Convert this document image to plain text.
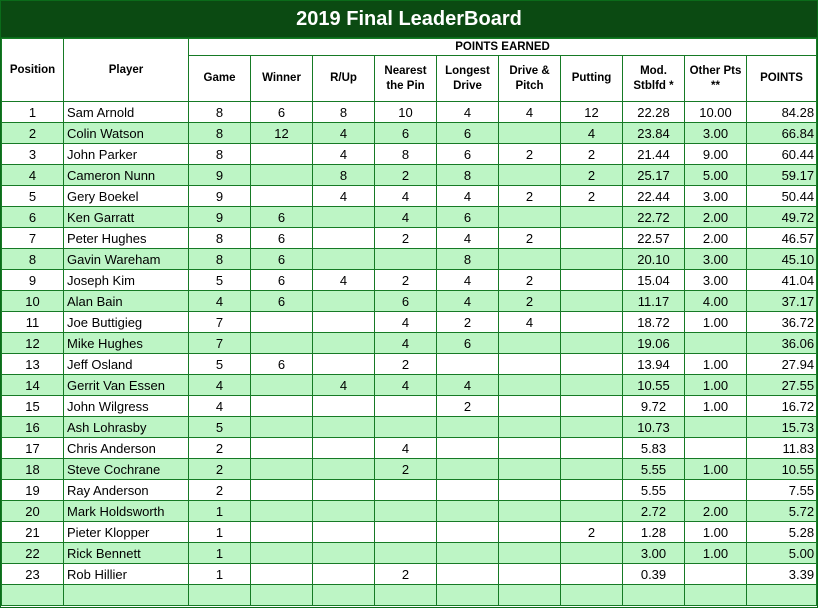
2019 Final LeaderBoard
Position	Player	POINTS EARNED									
		Game	Winner	R/Up	Nearest the Pin	Longest Drive	Drive & Pitch	Putting	Mod. Stblfd *	Other Pts **	POINTS
1	Sam Arnold	8	6	8	10	4	4	12	22.28	10.00	84.28
2	Colin Watson	8	12	4	6	6		4	23.84	3.00	66.84
3	John Parker	8		4	8	6	2	2	21.44	9.00	60.44
4	Cameron Nunn	9		8	2	8		2	25.17	5.00	59.17
5	Gery Boekel	9		4	4	4	2	2	22.44	3.00	50.44
6	Ken Garratt	9	6		4	6			22.72	2.00	49.72
7	Peter Hughes	8	6		2	4	2		22.57	2.00	46.57
8	Gavin Wareham	8	6			8			20.10	3.00	45.10
9	Joseph Kim	5	6	4	2	4	2		15.04	3.00	41.04
10	Alan Bain	4	6		6	4	2		11.17	4.00	37.17
11	Joe Buttigieg	7			4	2	4		18.72	1.00	36.72
12	Mike Hughes	7			4	6			19.06		36.06
13	Jeff Osland	5	6		2				13.94	1.00	27.94
14	Gerrit Van Essen	4		4	4	4			10.55	1.00	27.55
15	John Wilgress	4				2			9.72	1.00	16.72
16	Ash Lohrasby	5							10.73		15.73
17	Chris Anderson	2			4				5.83		11.83
18	Steve Cochrane	2			2				5.55	1.00	10.55
19	Ray Anderson	2							5.55		7.55
20	Mark Holdsworth	1							2.72	2.00	5.72
21	Pieter Klopper	1						2	1.28	1.00	5.28
22	Rick Bennett	1							3.00	1.00	5.00
23	Rob Hillier	1			2				0.39		3.39
